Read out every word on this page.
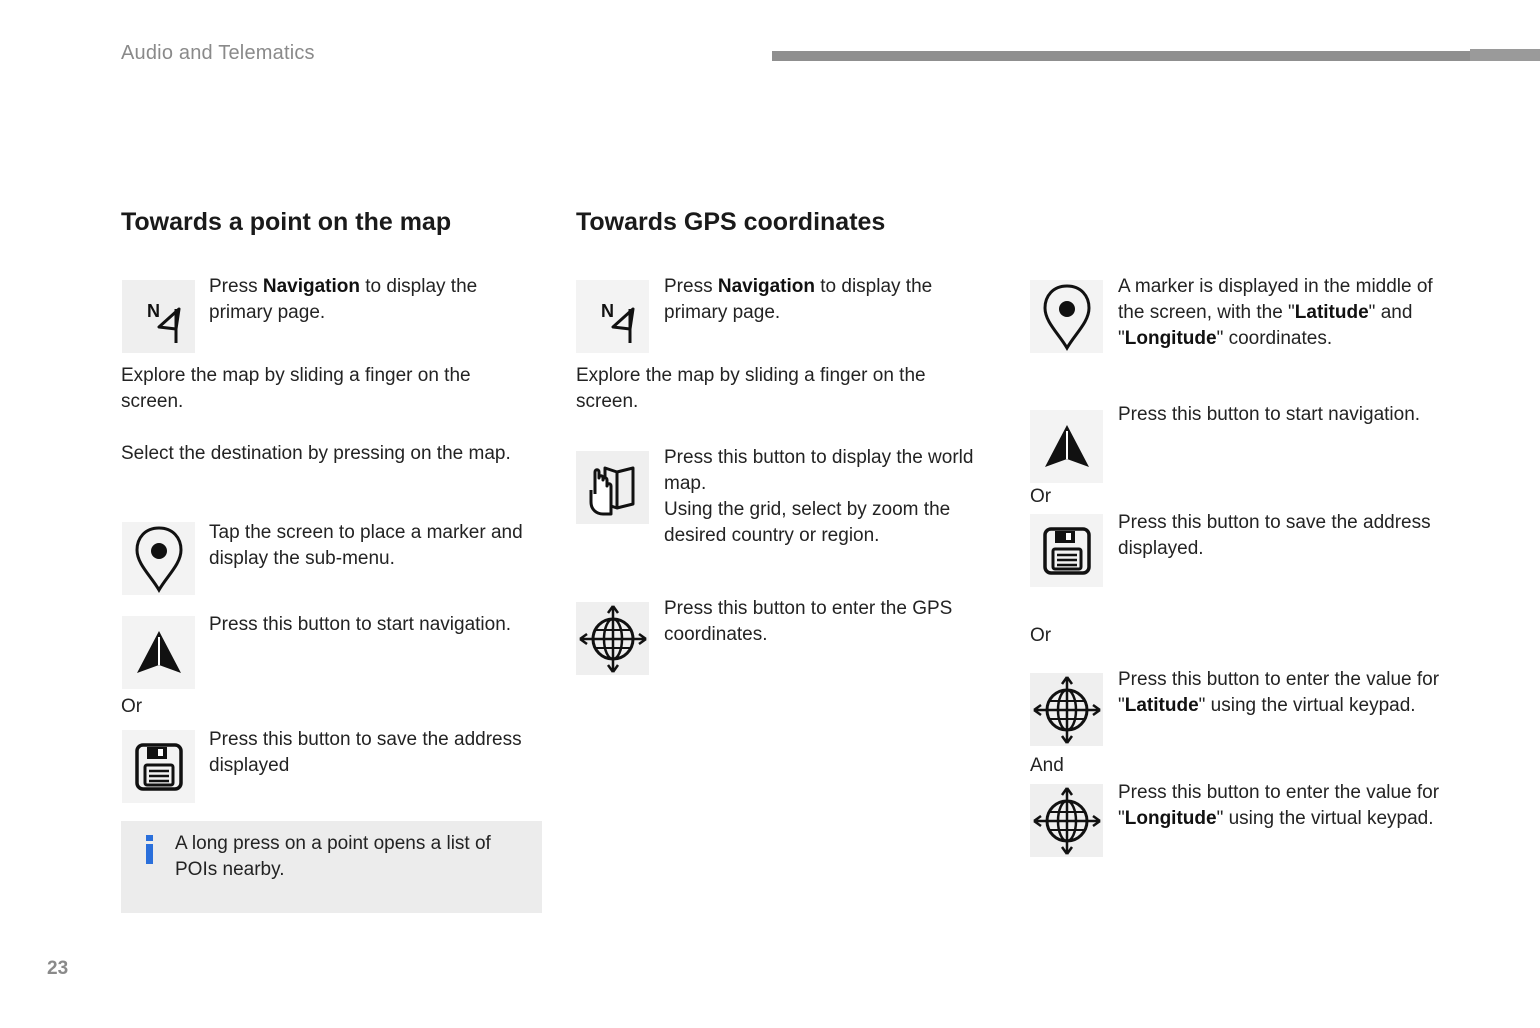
Audio and Telematics
Towards a point on the map
N
Press Navigation to display the primary page.
Explore the map by sliding a finger on the screen.
Select the destination by pressing on the map.
Tap the screen to place a marker and display the sub-menu.
Press this button to start navigation.
Or
Press this button to save the address displayed
A long press on a point opens a list of POIs nearby.
Towards GPS coordinates
N
Press Navigation to display the primary page.
Explore the map by sliding a finger on the screen.
Press this button to display the world map.
Using the grid, select by zoom the desired country or region.
Press this button to enter the GPS coordinates.
A marker is displayed in the middle of the screen, with the "Latitude" and "Longitude" coordinates.
Press this button to start navigation.
Or
Press this button to save the address displayed.
Or
Press this button to enter the value for "Latitude" using the virtual keypad.
And
Press this button to enter the value for "Longitude" using the virtual keypad.
23
